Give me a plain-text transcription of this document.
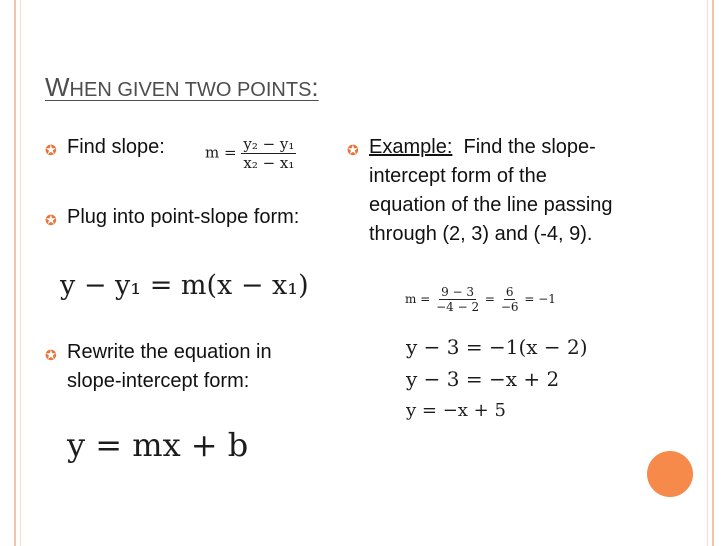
WHEN GIVEN TWO POINTS:
✪ Find slope:	$m = \frac{\text{y₂ − y₁}}{\text{x₂ − x₁}}$
✪ Plug into point-slope form:
y − y₁ = m(x − x₁)
✪ Rewrite the equation in slope-intercept form:
y = mx + b
✪ Example: Find the slope-intercept form of the equation of the line passing through (2, 3) and (-4, 9).
$m = \frac{9 - 3}{-4 - 2} = \frac{6}{-6} = -1$
y − 3 = −1(x − 2)
y − 3 = −x + 2
y = −x + 5
